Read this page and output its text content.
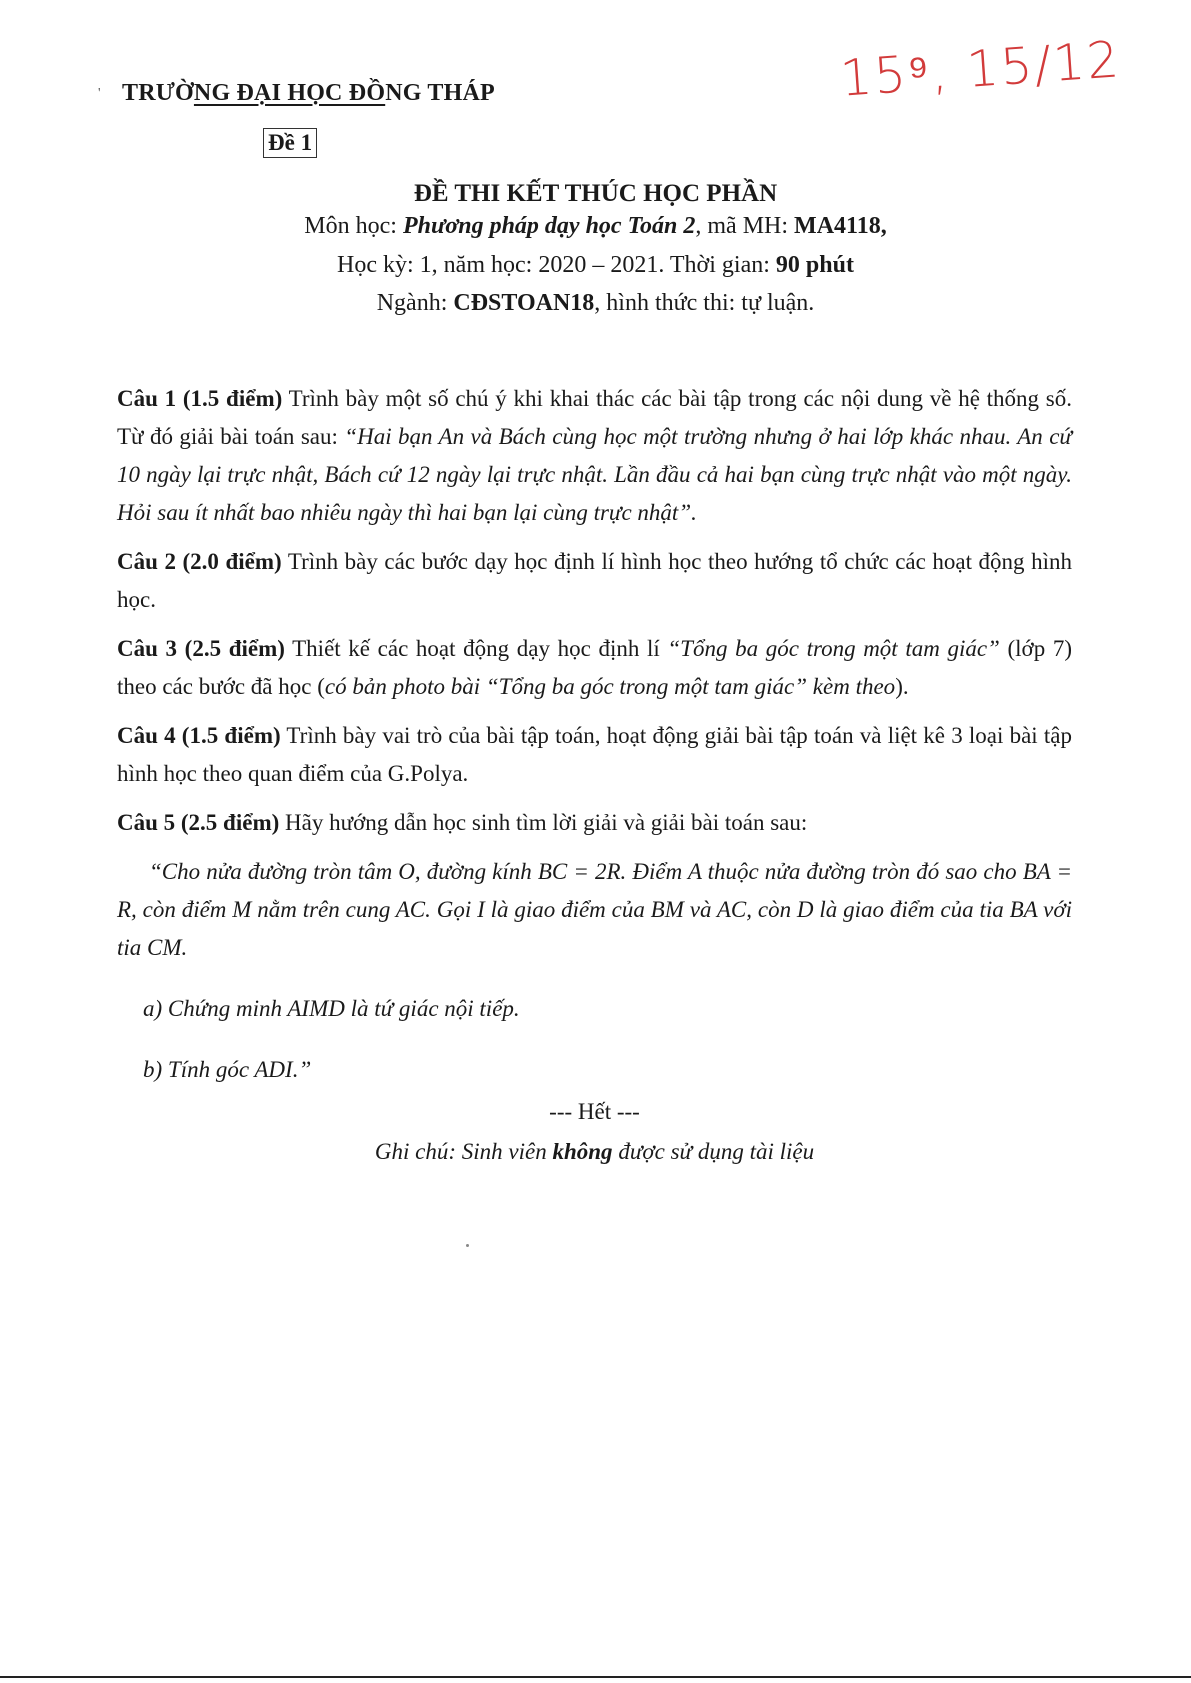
' TRƯỜNG ĐẠI HỌC ĐỒNG THÁP
Đề 1
15⁹, 15/12
ĐỀ THI KẾT THÚC HỌC PHẦN
Môn học: Phương pháp dạy học Toán 2, mã MH: MA4118,
Học kỳ: 1, năm học: 2020 – 2021. Thời gian: 90 phút
Ngành: CĐSTOAN18, hình thức thi: tự luận.

Câu 1 (1.5 điểm) Trình bày một số chú ý khi khai thác các bài tập trong các nội dung về hệ thống số. Từ đó giải bài toán sau: “Hai bạn An và Bách cùng học một trường nhưng ở hai lớp khác nhau. An cứ 10 ngày lại trực nhật, Bách cứ 12 ngày lại trực nhật. Lần đầu cả hai bạn cùng trực nhật vào một ngày. Hỏi sau ít nhất bao nhiêu ngày thì hai bạn lại cùng trực nhật”.

Câu 2 (2.0 điểm) Trình bày các bước dạy học định lí hình học theo hướng tổ chức các hoạt động hình học.

Câu 3 (2.5 điểm) Thiết kế các hoạt động dạy học định lí “Tổng ba góc trong một tam giác” (lớp 7) theo các bước đã học (có bản photo bài “Tổng ba góc trong một tam giác” kèm theo).

Câu 4 (1.5 điểm) Trình bày vai trò của bài tập toán, hoạt động giải bài tập toán và liệt kê 3 loại bài tập hình học theo quan điểm của G.Polya.

Câu 5 (2.5 điểm) Hãy hướng dẫn học sinh tìm lời giải và giải bài toán sau:

“Cho nửa đường tròn tâm O, đường kính BC = 2R. Điểm A thuộc nửa đường tròn đó sao cho BA = R, còn điểm M nằm trên cung AC. Gọi I là giao điểm của BM và AC, còn D là giao điểm của tia BA với tia CM.

a) Chứng minh AIMD là tứ giác nội tiếp.

b) Tính góc ADI.”

--- Hết ---
Ghi chú: Sinh viên không được sử dụng tài liệu
